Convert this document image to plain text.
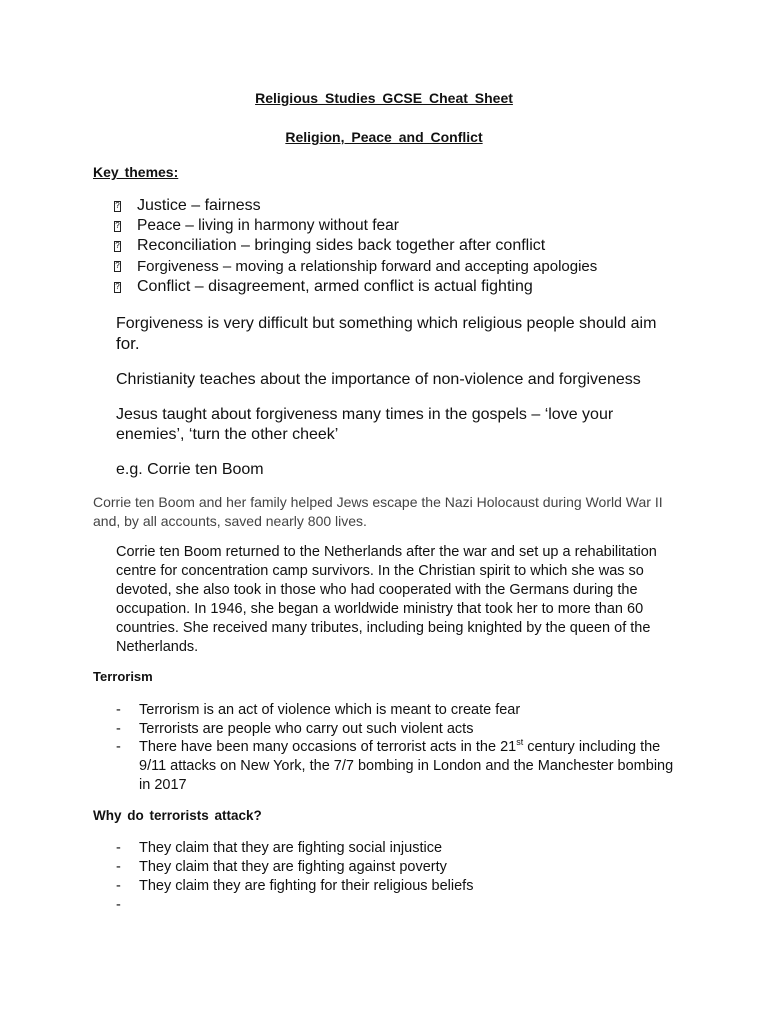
Religious Studies GCSE Cheat Sheet

Religion, Peace and Conflict

Key themes:

?
Justice – fairness
?
Peace – living in harmony without fear
?
Reconciliation – bringing sides back together after conflict
?
Forgiveness – moving a relationship forward and accepting apologies
?
Conflict – disagreement, armed conflict is actual fighting

Forgiveness is very difficult but something which religious people should aim

for.

Christianity teaches about the importance of non-violence and forgiveness

Jesus taught about forgiveness many times in the gospels – ‘love your

enemies’, ‘turn the other cheek’

e.g. Corrie ten Boom

Corrie ten Boom and her family helped Jews escape the Nazi Holocaust during World War II and, by all accounts, saved nearly 800 lives.

Corrie ten Boom returned to the Netherlands after the war and set up a rehabilitation centre for concentration camp survivors. In the Christian spirit to which she was so devoted, she also took in those who had cooperated with the Germans during the occupation. In 1946, she began a worldwide ministry that took her to more than 60 countries. She received many tributes, including being knighted by the queen of the Netherlands.

Terrorism

- Terrorism is an act of violence which is meant to create fear
- Terrorists are people who carry out such violent acts
- There have been many occasions of terrorist acts in the 21st century including the 9/11 attacks on New York, the 7/7 bombing in London and the Manchester bombing in 2017

Why do terrorists attack?

- They claim that they are fighting social injustice
- They claim that they are fighting against poverty
- They claim they are fighting for their religious beliefs
-
